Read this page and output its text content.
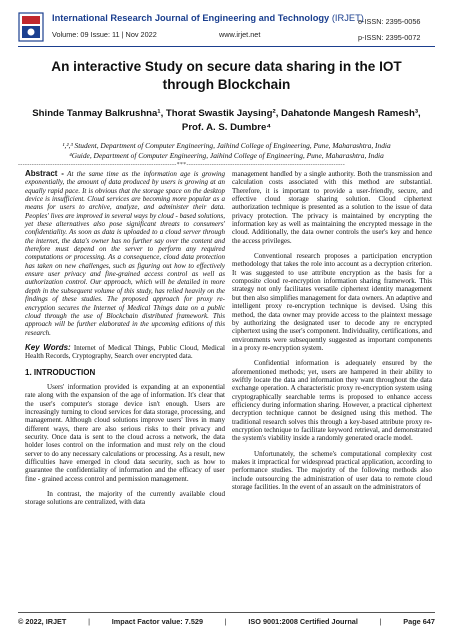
International Research Journal of Engineering and Technology (IRJET)
Volume: 09 Issue: 11 | Nov 2022	www.irjet.net
e-ISSN: 2395-0056
p-ISSN: 2395-0072
An interactive Study on secure data sharing in the IOT through Blockchain
Shinde Tanmay Balkrushna¹, Thorat Swastik Jaysing², Dahatonde Mangesh Ramesh³,
Prof. A. S. Dumbre⁴
¹,²,³ Student, Department of Computer Engineering, Jaihind College of Engineering, Pune, Maharashtra, India
⁴Guide, Department of Computer Engineering, Jaihind College of Engineering, Pune, Maharashtra, India
---------------------------------------------------------------------***---------------------------------------------------------------------

Abstract - At the same time as the information age is growing exponentially, the amount of data produced by users is growing at an equally rapid pace. It is obvious that the storage space on the desktop device is insufficient. Cloud services are becoming more popular as a means for users to archive, analyze, and administer their data. Peoples' lives are improved in several ways by cloud - based solutions, yet these alternatives also pose significant threats to consumers' confidentiality. As soon as data is uploaded to a cloud server through the internet, the data's owner has no further say over the content and therefore must depend on the server to perform any required computations or processing. As a consequence, cloud data protection has taken on new challenges, such as figuring out how to effectively ensure user privacy and fine-grained access control as well as authorization control. Our approach, which will be detailed in more depth in the subsequent volume of this study, has relied heavily on the findings of these studies. The proposed approach for proxy re-encryption secures the Internet of Medical Things data on a public cloud through the use of Blockchain distributed framework. This approach will be further elaborated in the upcoming editions of this research.

Key Words: Internet of Medical Things, Public Cloud, Medical Health Records, Cryptography, Search over encrypted data.

1. INTRODUCTION

Users' information provided is expanding at an exponential rate along with the expansion of the age of information. It's clear that the user's computer's storage device isn't enough. Users are increasingly turning to cloud services for data storage, processing, and management. Although cloud solutions improve users' lives in many different ways, there are also serious risks to their privacy and security. Once data is sent to the cloud across a network, the data holder loses control on the information and must rely on the cloud server to do any necessary calculations or processing. As a result, new difficulties have emerged in cloud data security, such as how to guarantee the confidentiality of information and the efficacy of user fine - grained access control and permission management.

In contrast, the majority of the currently available cloud storage solutions are centralized, with data

management handled by a single authority. Both the transmission and calculation costs associated with this method are substantial. Therefore, it is important to provide a user-friendly, secure, and effective cloud storage sharing solution. Cloud ciphertext authorization technique is presented as a solution to the issue of data privacy protection. The privacy is maintained by encrypting the information key as well as maintaining the encrypted message in the cloud. Additionally, the data owner controls the user's key and hence the access privileges.

Conventional research proposes a participation encryption methodology that takes the role into account as a decryption criterion. It was suggested to use attribute encryption as the basis for a composite cloud re-encryption information sharing framework. This strategy not only facilitates versatile ciphertext identity management but then also simplifies management for data owners. An adaptive and intelligent proxy re-encryption technique is devised. Using this method, the data owner may provide access to the plaintext message by authorizing the designated user to decode any re encrypted ciphertext using the user's component. Individuality, certifications, and environments were subsequently suggested as important components in a proxy re-encryption system.

Confidential information is adequately ensured by the aforementioned methods; yet, users are hampered in their ability to swiftly locate the data and information they want throughout the data exchange operation. A characteristic proxy re-encryption system using cryptographically searchable terms is proposed to enhance access efficiency during information sharing. However, a practical ciphertext decryption technique cannot be designed using this method. The traditional research solves this through a key-based attribute proxy re-encryption technique to facilitate keyword retrieval, and demonstrated the system's viability inside a randomly generated oracle model.

Unfortunately, the scheme's computational complexity cost makes it impractical for widespread practical application, according to performance studies. The majority of the following methods also include outsourcing the administration of user data to remote cloud storage facilities. In the event of an assault on the administrators of

© 2022, IRJET	|	Impact Factor value: 7.529	|	ISO 9001:2008 Certified Journal	|	Page 647
